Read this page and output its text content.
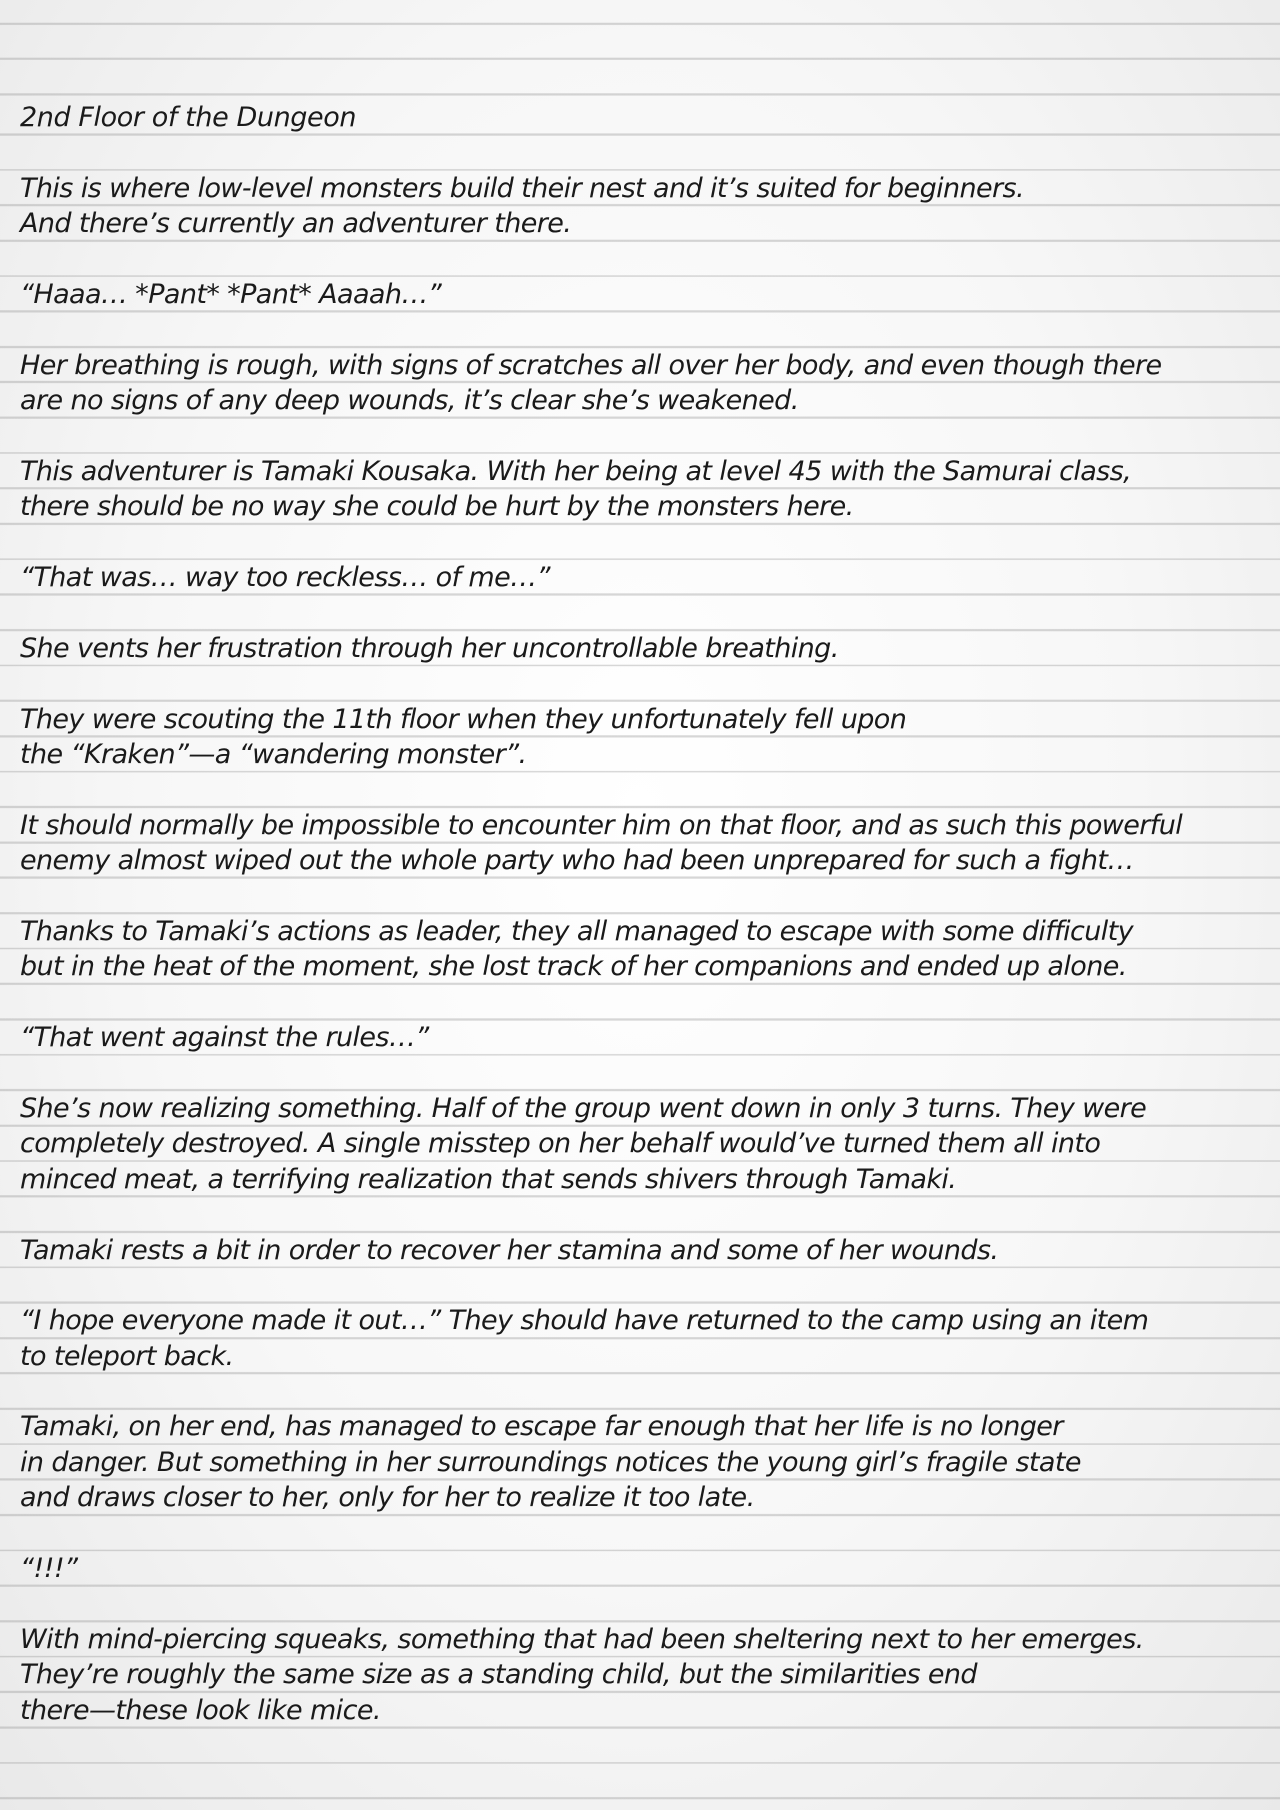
2nd Floor of the Dungeon
This is where low-level monsters build their nest and it’s suited for beginners.
And there’s currently an adventurer there.
“Haaa… *Pant* *Pant* Aaaah…”
Her breathing is rough, with signs of scratches all over her body, and even though there
are no signs of any deep wounds, it’s clear she’s weakened.
This adventurer is Tamaki Kousaka. With her being at level 45 with the Samurai class,
there should be no way she could be hurt by the monsters here.
“That was… way too reckless… of me…”
She vents her frustration through her uncontrollable breathing.
They were scouting the 11th floor when they unfortunately fell upon
the “Kraken”—a “wandering monster”.
It should normally be impossible to encounter him on that floor, and as such this powerful
enemy almost wiped out the whole party who had been unprepared for such a fight…
Thanks to Tamaki’s actions as leader, they all managed to escape with some difficulty
but in the heat of the moment, she lost track of her companions and ended up alone.
“That went against the rules…”
She’s now realizing something. Half of the group went down in only 3 turns. They were
completely destroyed. A single misstep on her behalf would’ve turned them all into
minced meat, a terrifying realization that sends shivers through Tamaki.
Tamaki rests a bit in order to recover her stamina and some of her wounds.
“I hope everyone made it out…” They should have returned to the camp using an item
to teleport back.
Tamaki, on her end, has managed to escape far enough that her life is no longer
in danger. But something in her surroundings notices the young girl’s fragile state
and draws closer to her, only for her to realize it too late.
“!!!”
With mind-piercing squeaks, something that had been sheltering next to her emerges.
They’re roughly the same size as a standing child, but the similarities end
there—these look like mice.
